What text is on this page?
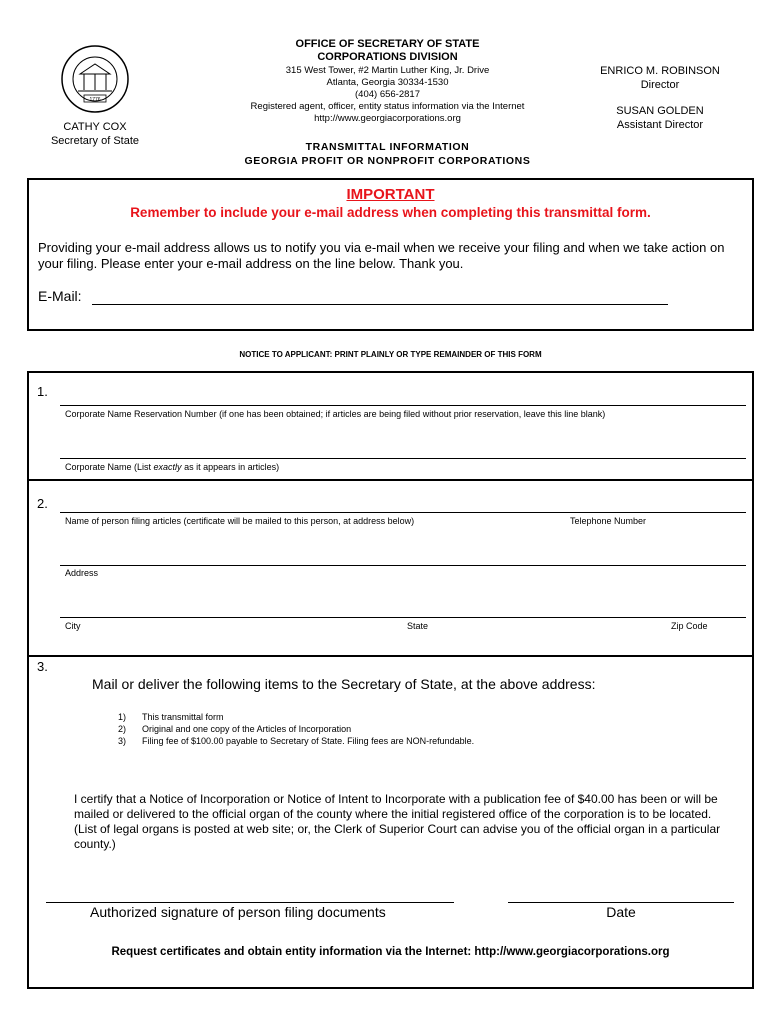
1776
CATHY COX
Secretary of State
OFFICE OF SECRETARY OF STATE
CORPORATIONS DIVISION
315 West Tower, #2 Martin Luther King, Jr. Drive
Atlanta, Georgia 30334-1530
(404) 656-2817
Registered agent, officer, entity status information via the Internet
http://www.georgiacorporations.org
ENRICO M. ROBINSON
Director
SUSAN GOLDEN
Assistant Director
TRANSMITTAL INFORMATION
GEORGIA PROFIT OR NONPROFIT CORPORATIONS
IMPORTANT
Remember to include your e-mail address when completing this transmittal form.
Providing your e-mail address allows us to notify you via e-mail when we receive your filing and when we take action on your filing. Please enter your e-mail address on the line below. Thank you.
E-Mail:
NOTICE TO APPLICANT: PRINT PLAINLY OR TYPE REMAINDER OF THIS FORM
1.
Corporate Name Reservation Number (if one has been obtained; if articles are being filed without prior reservation, leave this line blank)
Corporate Name (List exactly as it appears in articles)
2.
Name of person filing articles (certificate will be mailed to this person, at address below)	Telephone Number
Address
City	State	Zip Code
3.
Mail or deliver the following items to the Secretary of State, at the above address:
1) This transmittal form
2) Original and one copy of the Articles of Incorporation
3) Filing fee of $100.00 payable to Secretary of State. Filing fees are NON-refundable.
I certify that a Notice of Incorporation or Notice of Intent to Incorporate with a publication fee of $40.00 has been or will be mailed or delivered to the official organ of the county where the initial registered office of the corporation is to be located. (List of legal organs is posted at web site; or, the Clerk of Superior Court can advise you of the official organ in a particular county.)
Authorized signature of person filing documents	Date
Request certificates and obtain entity information via the Internet: http://www.georgiacorporations.org
